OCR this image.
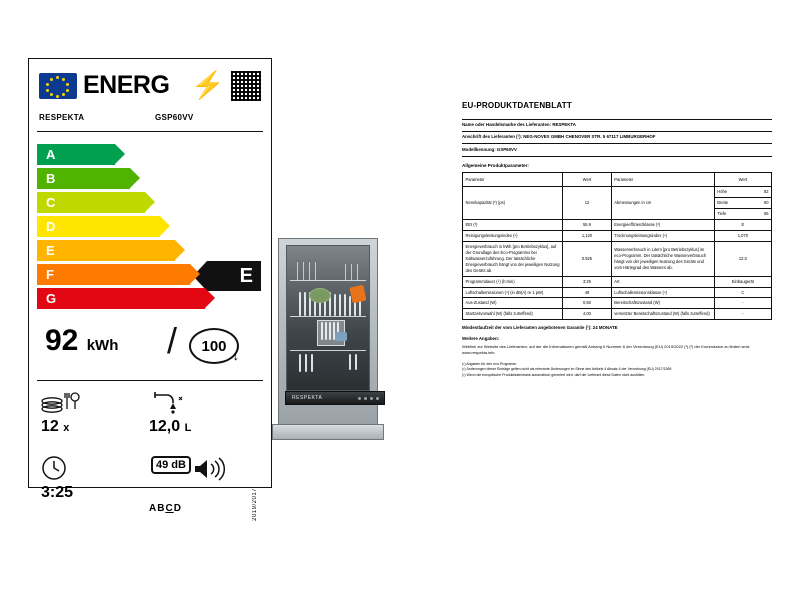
ENERG ⚡
RESPEKTA	GSP60VV
A
B
C
D
E
E
F
G
92 kWh / 100
↓
12 x	12,0 L
3:25
49 dB
ABCD	2019/2017
RESPEKTA
EU-PRODUKTDATENBLATT
Name oder Handelsmarke des Lieferanten: RESPEKTA
Anschrift des Lieferanten (¹): NEG-NOVEX GMBH CHENOVER STR. 5 67117 LIMBURGERHOF
Modellkennung: GSP60VV
Allgemeine Produktparameter:
Parameter	Wert	Parameter	Wert
Nennkapazität (²) (ps)	12	Abmessungen in cm	Höhe 82

			Breite 60

			Tiefe 55

EEI (³)	55.9	Energieeffizienzklasse (³)	E
Reinigungsleistungsindex (⁴)	1,120	Trocknungsleistungsindex (⁴)	1,070
Energieverbrauch in kWh [pro Betriebszyklus], auf der Grundlage des Eco-Programms bei Kaltwasserzuführung. Der tatsächliche Energieverbrauch hängt von der jeweiligen Nutzung des Geräts ab.	0.925	Wasserverbrauch in Litern [pro Betriebszyklus] im eco-Programm. Der tatsächliche Wasserverbrauch hängt von der jeweiligen Nutzung des Geräts und vom Härtegrad des Wassers ab.	12.0
Programmdauer (⁴) (h:min)	3:25	Art	Einbaugerät
Luftschallemissionen (⁴) (in dB(A) re 1 pW)	49	Luftschallemissionsklasse (⁴)	C
Aus-Zustand (W)	0,50	Bereitschaftszustand (W)	-
Startzeitvorwahl (W) (falls zutreffend)	4,00	vernetzter Bereitschaftszustand (W) (falls zutreffend)	-
Mindestlaufzeit der vom Lieferanten angebotenen Garantie (¹): 24 MONATE
Weitere Angaben:
Weblink zur Website des Lieferanten, auf der die Informationen gemäß Anhang II Nummer 6 der Verordnung (EU) 2019/2022 (¹) (²) der Kommission zu finden sind: www.respekta.info
(¹) Angaben für den eco-Programm.
(²) Änderungen dieser Einträge gelten nicht als relevante Änderungen im Sinne des Artikels 4 Absatz 4 der Verordnung (EU) 2017/1369.
(³) Wenn die europäische Produktdatenbank automatisch generiert wird, darf der Lieferant diese Daten nicht ausfüllen.
